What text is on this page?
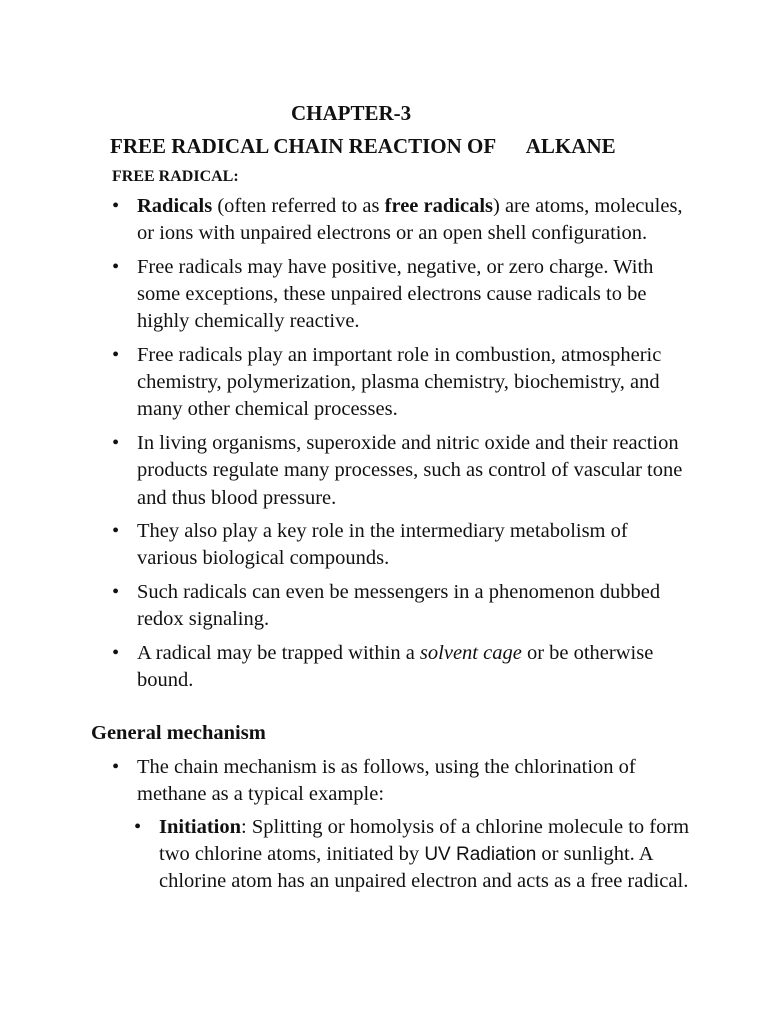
CHAPTER-3
FREE RADICAL CHAIN REACTION OF      ALKANE
FREE RADICAL:
• Radicals (often referred to as free radicals) are atoms, molecules, or ions with unpaired electrons or an open shell configuration.
• Free radicals may have positive, negative, or zero charge. With some exceptions, these unpaired electrons cause radicals to be highly chemically reactive.
• Free radicals play an important role in combustion, atmospheric chemistry, polymerization, plasma chemistry, biochemistry, and many other chemical processes.
• In living organisms, superoxide and nitric oxide and their reaction products regulate many processes, such as control of vascular tone and thus blood pressure.
• They also play a key role in the intermediary metabolism of various biological compounds.
• Such radicals can even be messengers in a phenomenon dubbed redox signaling.
• A radical may be trapped within a solvent cage or be otherwise bound.
General mechanism
• The chain mechanism is as follows, using the chlorination of methane as a typical example:
• Initiation: Splitting or homolysis of a chlorine molecule to form two chlorine atoms, initiated by UV Radiation or sunlight. A chlorine atom has an unpaired electron and acts as a free radical.
